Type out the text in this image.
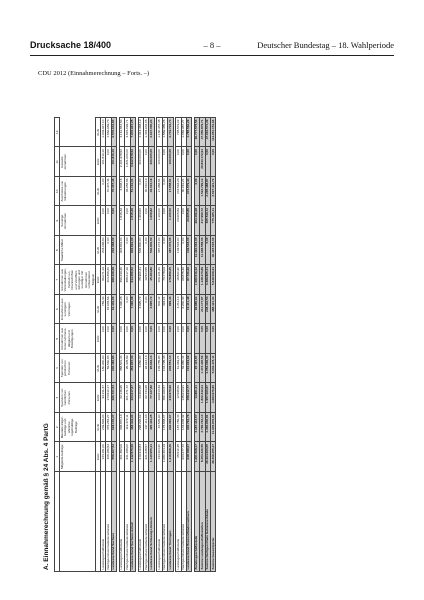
Drucksache 18/400	– 8 –	Deutscher Bundestag – 18. Wahlperiode
CDU 2012 (Einnahmerechnung – Forts. –)
A. Einnahmerechnung gemäß § 24 Abs. 4 PartG
	1	2	3	4	5	6	7	8	9	10	11	12
	Mitglieds-beiträge	Mandats-träger-beiträge und ähnliche regelmäßige Beiträge	Spenden von natürlichen Personen	Spenden von juristischen Personen	Einnahmen aus Unter-nehmens-tätigkeit und Beteiligungen	Einnahmen aus sonstigem Vermögen	Einnahmen aus Veranstaltungen, Vertrieb von Druckschriften und Veröffent-lichungen und sonstiger mit Einnahmen verbundener Tätigkeit	Staatliche Mittel	Sonstige Einnahmen	Zuschüsse von Gliederungen	Gesamt-einnahmen	
	EUR	EUR	EUR	EUR	EUR	EUR	EUR	EUR	EUR	EUR	EUR	EUR
Landesgeschäftsstelle	134.181,00	239.893,00	93.211,37	150.900,00	0,00	786,44	86.071,19	203.068,00	0,00	0,00	101.816,10	1.009.927,10
Nachgeordnete Gebietsverbände	425.186,53	378.283,27	173.510,17	89.560,83	0,00	15.645,56	403.358,20	0,00	0,00	70.307,46	0,00	1.566.689,73
Landesverband Sachsen	559.367,53	618.176,27	266.721,54	240.460,83	0,00	16.432,00	489.429,39	203.068,00	0,00	70.307,46	101.816,10	2.576.616,83

Landesgeschäftsstelle	201.382,06	348.870,13	22.145,95	358.501,44	0,00	7.390,08	256.239,36	903.816,00	1.515,39	2.848,15	2.101.978,52	4.161.867,54
Nachgeordnete Gebietsverbände	941.188,00	119.472,11	401.471,72	95.405,89	0,00	0,00	388.217,16	0,00	0,00	48.282,86	1.821.000,00	3.815.099,71
Landesverband Sachsen-Anhalt	1.142.570,06	468.342,24	423.617,67	453.907,33	0,00	7.390,08	644.456,52	903.816,00	1.515,39	51.131,01	3.922.978,52	7.976.967,25

Landesgeschäftsstelle	219.316,84	298.292,62	14.402,88	3.050,00	0,00	3.895,72	25.960,31	546.840,00	1.609,82	0,00	200.000,00	1.313.368,19
Nachgeordnete Gebietsverbände	921.638,57	197.111,63	62.734,98	92.612,13	0,00	0,00	19.524,55	0,00	0,00	40.010,19	0,00	1.333.632,05
Landesverband Schleswig-Holstein	1.140.955,41	495.404,25	77.137,86	95.662,13	0,00	3.895,72	45.484,86	546.840,00	1.609,82	40.010,19	200.000,00	2.647.000,24

Landesgeschäftsstelle	134.464,20	67.545,60	169.813,39	145.755,80	0,00	506,42	106.121,26	387.072,00	1.100,00	17.958,81	100.000,00	1.130.337,48
Nachgeordnete Gebietsverbände	1.082.404,19	178.848,07	150.166,57	103.795,33	0,00	393,01	73.778,09	0,00	0,00	0,00	0,00	1.589.385,26
Landesverband Thüringen	1.216.868,39	246.393,67	319.979,96	249.551,13	0,00	899,43	179.899,35	387.072,00	1.100,00	17.958,81	100.000,00	2.719.722,74

Landesgeschäftsstelle	25.510,35	187.786,44	12.598,86	61.969,21	0,00	4.211,14	18.860,90	149.518,00	23.605,89	244.518,23	0,00	728.579,02
Nachgeordnete Gebietsverbände	623.277,72	143.008,32	145.613,91	39.950,41	0,00	6.200,34	68.875,36	0,00	0,00	30.061,21	0,00	1.056.987,27
Landesverband Bremen/Niedersachsen	648.788,07	330.794,76	158.212,77	101.919,62	0,00	10.411,48	87.736,26	149.518,00	23.605,89	274.579,44	0,00	1.785.566,29

Bundesgeschäftsstelle	1.691.568,47	3.187.413,57	13.881,31	87.115,87	0,00	28.880,64	1.080.516,42	14.394.003,00	294.196,28	0,00	0,00	20.777.575,56
Summe Landesgeschäftsstellen	8.453.226,59	3.799.763,13	1.822.342,64	1.473.400,56	0,00	211.177,87	1.138.470,89	11.668.558,00	317.999,72	1.522.799,12	20.843.172,94	47.050.879,71
Summe Nachgeordnete Gebietsverbände	29.264.060,65	4.360.900,81	1.957.060,87	4.052.006,00	0,00	248.416,53	3.389.865,41	0,00	305.518,11	2.205.488,87	0,00	47.604.574,39
Summe Gesamtpartei	39.309.455,47	11.345.976,81	4.693.976,80	5.604.476,11	0,00	488.421,04	5.649.009,34	40.415.515,00	775.405,11	3.527.421,72	0,00	114.651.151,66
